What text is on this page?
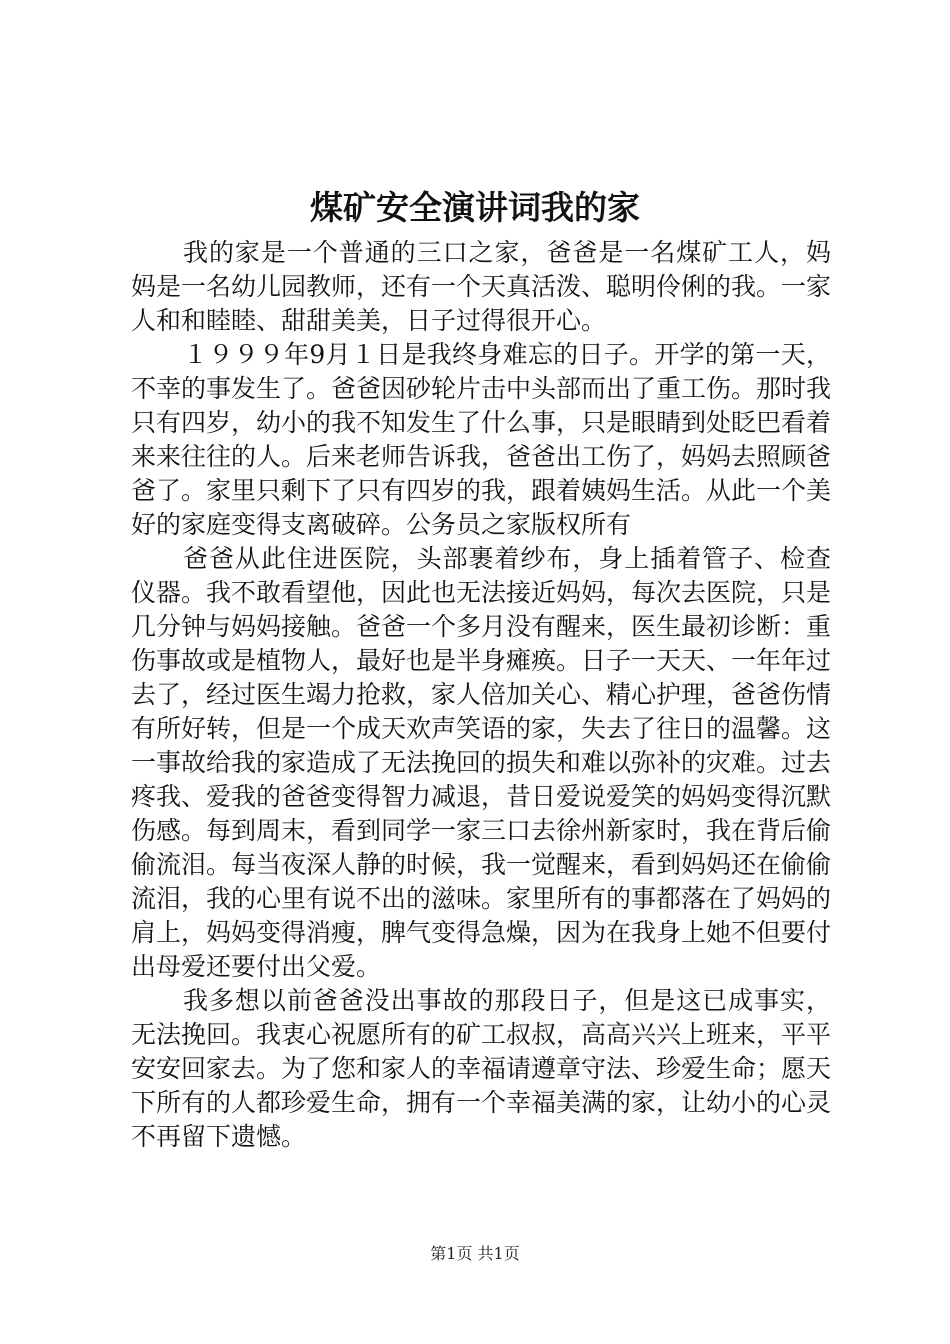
煤矿安全演讲词我的家

我的家是一个普通的三口之家，爸爸是一名煤矿工人，妈妈是一名幼儿园教师，还有一个天真活泼、聪明伶俐的我。一家人和和睦睦、甜甜美美，日子过得很开心。

１９９９年9月１日是我终身难忘的日子。开学的第一天，不幸的事发生了。爸爸因砂轮片击中头部而出了重工伤。那时我只有四岁，幼小的我不知发生了什么事，只是眼睛到处眨巴看着来来往往的人。后来老师告诉我，爸爸出工伤了，妈妈去照顾爸爸了。家里只剩下了只有四岁的我，跟着姨妈生活。从此一个美好的家庭变得支离破碎。公务员之家版权所有

爸爸从此住进医院，头部裹着纱布，身上插着管子、检查仪器。我不敢看望他，因此也无法接近妈妈，每次去医院，只是几分钟与妈妈接触。爸爸一个多月没有醒来，医生最初诊断：重伤事故或是植物人，最好也是半身瘫痪。日子一天天、一年年过去了，经过医生竭力抢救，家人倍加关心、精心护理，爸爸伤情有所好转，但是一个成天欢声笑语的家，失去了往日的温馨。这一事故给我的家造成了无法挽回的损失和难以弥补的灾难。过去疼我、爱我的爸爸变得智力减退，昔日爱说爱笑的妈妈变得沉默伤感。每到周末，看到同学一家三口去徐州新家时，我在背后偷偷流泪。每当夜深人静的时候，我一觉醒来，看到妈妈还在偷偷流泪，我的心里有说不出的滋味。家里所有的事都落在了妈妈的肩上，妈妈变得消瘦，脾气变得急燥，因为在我身上她不但要付出母爱还要付出父爱。

我多想以前爸爸没出事故的那段日子，但是这已成事实，无法挽回。我衷心祝愿所有的矿工叔叔，高高兴兴上班来，平平安安回家去。为了您和家人的幸福请遵章守法、珍爱生命；愿天下所有的人都珍爱生命，拥有一个幸福美满的家，让幼小的心灵不再留下遗憾。

第1页 共1页
